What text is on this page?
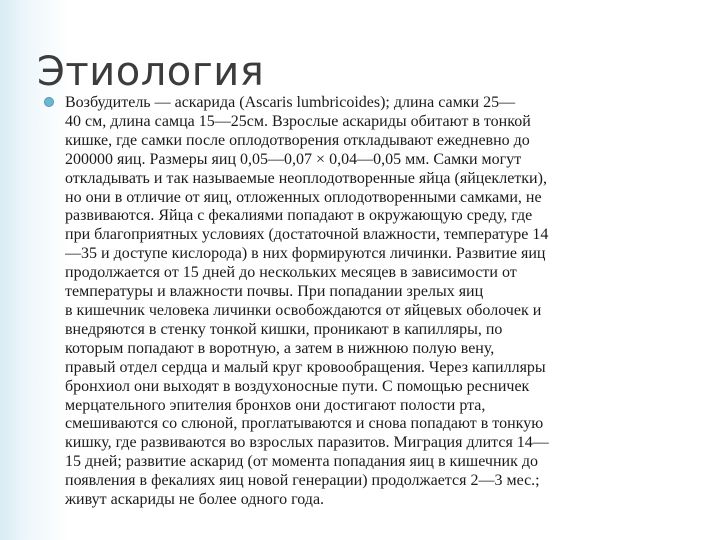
Этиология
Возбудитель — аскарида (Ascaris lumbricoides); длина самки 25—
40 см, длина самца 15—25см. Взрослые аскариды обитают в тонкой
кишке, где самки после оплодотворения откладывают ежедневно до
200000 яиц. Размеры яиц 0,05—0,07 × 0,04—0,05 мм. Самки могут
откладывать и так называемые неоплодотворенные яйца (яйцеклетки),
но они в отличие от яиц, отложенных оплодотворенными самками, не
развиваются. Яйца с фекалиями попадают в окружающую среду, где
при благоприятных условиях (достаточной влажности, температуре 14
—35 и доступе кислорода) в них формируются личинки. Развитие яиц
продолжается от 15 дней до нескольких месяцев в зависимости от
температуры и влажности почвы. При попадании зрелых яиц
в кишечник человека личинки освобождаются от яйцевых оболочек и
внедряются в стенку тонкой кишки, проникают в капилляры, по
которым попадают в воротную, а затем в нижнюю полую вену,
правый отдел сердца и малый круг кровообращения. Через капилляры
бронхиол они выходят в воздухоносные пути. С помощью ресничек
мерцательного эпителия бронхов они достигают полости рта,
смешиваются со слюной, проглатываются и снова попадают в тонкую
кишку, где развиваются во взрослых паразитов. Миграция длится 14—
15 дней; развитие аскарид (от момента попадания яиц в кишечник до
появления в фекалиях яиц новой генерации) продолжается 2—3 мес.;
живут аскариды не более одного года.
